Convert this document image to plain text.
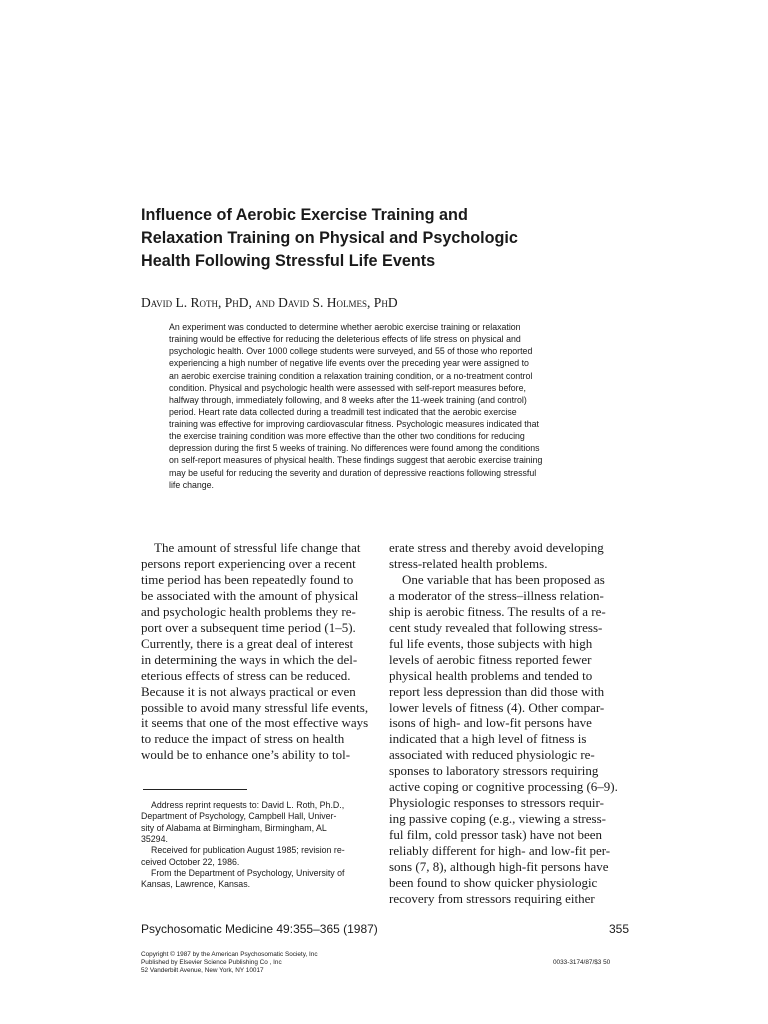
Influence of Aerobic Exercise Training and
Relaxation Training on Physical and Psychologic
Health Following Stressful Life Events
David L. Roth, PhD, and David S. Holmes, PhD
An experiment was conducted to determine whether aerobic exercise training or relaxation
training would be effective for reducing the deleterious effects of life stress on physical and
psychologic health. Over 1000 college students were surveyed, and 55 of those who reported
experiencing a high number of negative life events over the preceding year were assigned to
an aerobic exercise training condition a relaxation training condition, or a no-treatment control
condition. Physical and psychologic health were assessed with self-report measures before,
halfway through, immediately following, and 8 weeks after the 11-week training (and control)
period. Heart rate data collected during a treadmill test indicated that the aerobic exercise
training was effective for improving cardiovascular fitness. Psychologic measures indicated that
the exercise training condition was more effective than the other two conditions for reducing
depression during the first 5 weeks of training. No differences were found among the conditions
on self-report measures of physical health. These findings suggest that aerobic exercise training
may be useful for reducing the severity and duration of depressive reactions following stressful
life change.
The amount of stressful life change that
persons report experiencing over a recent
time period has been repeatedly found to
be associated with the amount of physical
and psychologic health problems they re-
port over a subsequent time period (1–5).
Currently, there is a great deal of interest
in determining the ways in which the del-
eterious effects of stress can be reduced.
Because it is not always practical or even
possible to avoid many stressful life events,
it seems that one of the most effective ways
to reduce the impact of stress on health
would be to enhance one’s ability to tol-
erate stress and thereby avoid developing
stress-related health problems.
One variable that has been proposed as
a moderator of the stress–illness relation-
ship is aerobic fitness. The results of a re-
cent study revealed that following stress-
ful life events, those subjects with high
levels of aerobic fitness reported fewer
physical health problems and tended to
report less depression than did those with
lower levels of fitness (4). Other compar-
isons of high- and low-fit persons have
indicated that a high level of fitness is
associated with reduced physiologic re-
sponses to laboratory stressors requiring
active coping or cognitive processing (6–9).
Physiologic responses to stressors requir-
ing passive coping (e.g., viewing a stress-
ful film, cold pressor task) have not been
reliably different for high- and low-fit per-
sons (7, 8), although high-fit persons have
been found to show quicker physiologic
recovery from stressors requiring either
Address reprint requests to: David L. Roth, Ph.D.,
Department of Psychology, Campbell Hall, Univer-
sity of Alabama at Birmingham, Birmingham, AL
35294.
Received for publication August 1985; revision re-
ceived October 22, 1986.
From the Department of Psychology, University of
Kansas, Lawrence, Kansas.
Psychosomatic Medicine 49:355–365 (1987)	355
Copyright © 1987 by the American Psychosomatic Society, Inc
Published by Elsevier Science Publishing Co , Inc
52 Vanderbilt Avenue, New York, NY 10017
0033-3174/87/$3 50
